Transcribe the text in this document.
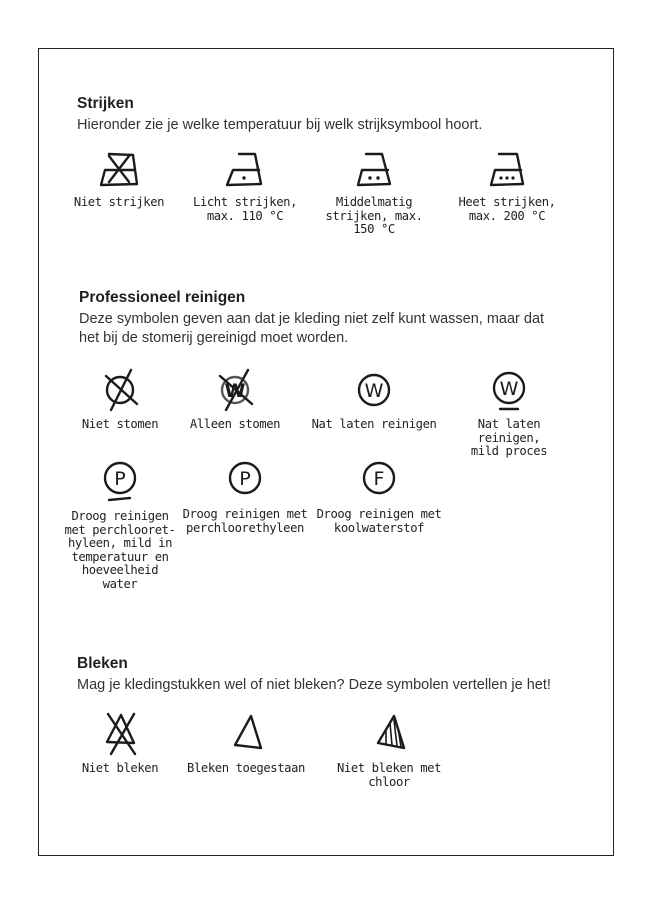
Strijken
Hieronder zie je welke temperatuur bij welk strijksymbool hoort.
Niet strijken	Licht strijken,
max. 110 °C
Middelmatig
strijken, max.
150 °C
Heet strijken,
max. 200 °C
Professioneel reinigen
Deze symbolen geven aan dat je kleding niet zelf kunt wassen, maar dat
het bij de stomerij gereinigd moet worden.
Niet stomen
W
Alleen stomen
W
Nat laten reinigen
W
Nat laten reinigen,
mild proces
P
Droog reinigen
met perchlooret-
hyleen, mild in
temperatuur en
hoeveelheid
water
P
Droog reinigen met
perchloorethyleen
F
Droog reinigen met
koolwaterstof
Bleken
Mag je kledingstukken wel of niet bleken? Deze symbolen vertellen je het!
Niet bleken	Bleken toegestaan	Niet bleken met
chloor
